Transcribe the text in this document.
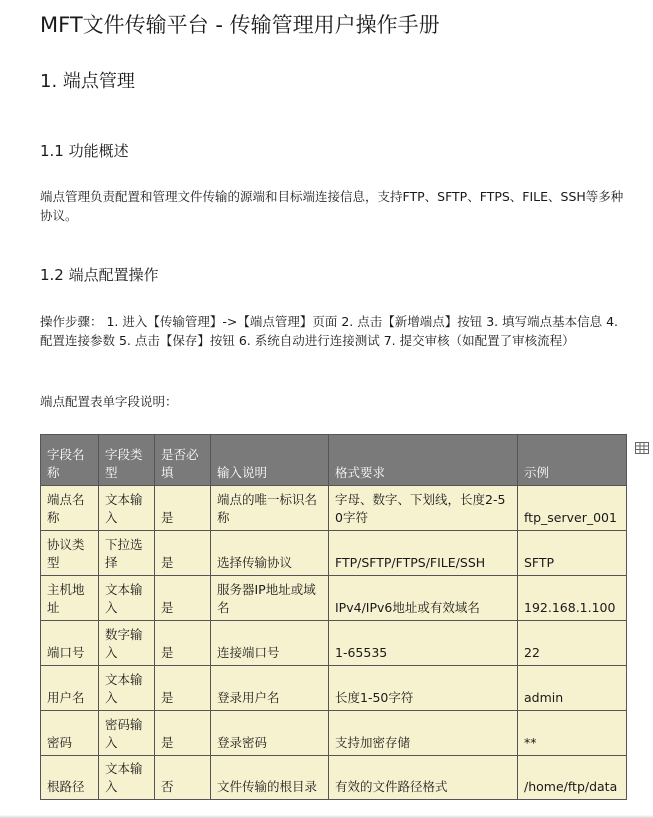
MFT文件传输平台 - 传输管理用户操作手册
1. 端点管理
1.1 功能概述

端点管理负责配置和管理文件传输的源端和目标端连接信息，支持FTP、SFTP、FTPS、FILE、SSH等多种协议。

1.2 端点配置操作

操作步骤： 1. 进入【传输管理】->【端点管理】页面 2. 点击【新增端点】按钮 3. 填写端点基本信息 4. 配置连接参数 5. 点击【保存】按钮 6. 系统自动进行连接测试 7. 提交审核（如配置了审核流程）

端点配置表单字段说明：

字段名称	字段类型	是否必填	输入说明	格式要求	示例
端点名称	文本输入	是	端点的唯一标识名称	字母、数字、下划线，长度2-50字符	ftp_server_001
协议类型	下拉选择	是	选择传输协议	FTP/SFTP/FTPS/FILE/SSH	SFTP
主机地址	文本输入	是	服务器IP地址或域名	IPv4/IPv6地址或有效域名	192.168.1.100
端口号	数字输入	是	连接端口号	1-65535	22
用户名	文本输入	是	登录用户名	长度1-50字符	admin
密码	密码输入	是	登录密码	支持加密存储	**
根路径	文本输入	否	文件传输的根目录	有效的文件路径格式	/home/ftp/data
